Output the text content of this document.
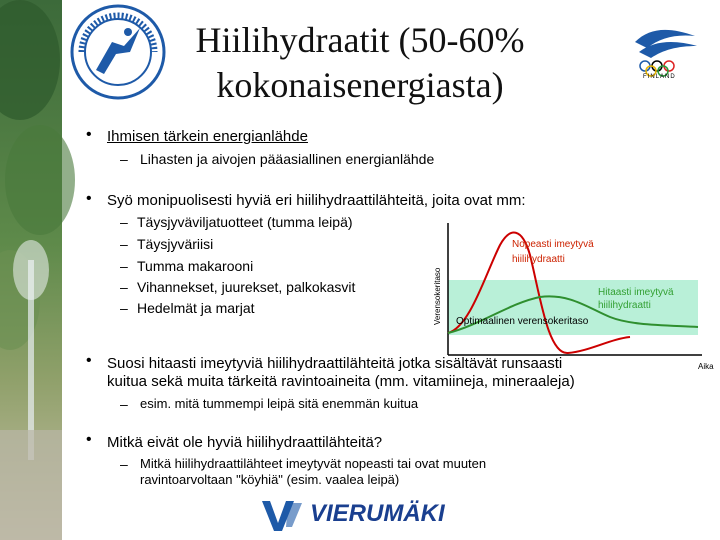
FINLAND
Hiilihydraatit (50-60%
kokonaisenergiasta)
• Ihmisen tärkein energianlähde
– Lihasten ja aivojen pääasiallinen energianlähde
• Syö monipuolisesti hyviä eri hiilihydraattilähteitä, joita ovat mm:
– Täysjyväviljatuotteet (tumma leipä)
– Täysjyväriisi
– Tumma makarooni
– Vihannekset, juurekset, palkokasvit
– Hedelmät ja marjat	Verensokeritaso
Nopeasti imeytyvä
hiilihydraatti
Hitaasti imeytyvä
hiilihydraatti
Optimaalinen verensokeritaso
Aika
• Suosi hitaasti imeytyviä hiilihydraattilähteitä jotka sisältävät runsaasti
kuitua sekä muita tärkeitä ravintoaineita (mm. vitamiineja, mineraaleja)
– esim. mitä tummempi leipä sitä enemmän kuitua
• Mitkä eivät ole hyviä hiilihydraattilähteitä?
– Mitkä hiilihydraattilähteet imeytyvät nopeasti tai ovat muuten
ravintoarvoltaan "köyhiä" (esim. vaalea leipä)
VIERUMÄKI
